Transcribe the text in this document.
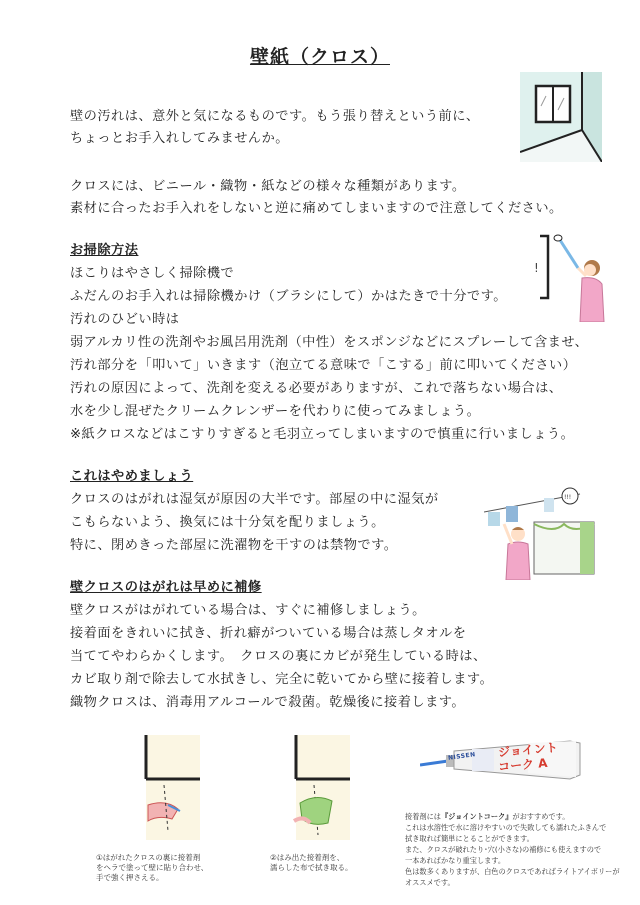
壁紙（クロス）
壁の汚れは、意外と気になるものです。もう張り替えという前に、
ちょっとお手入れしてみませんか。
クロスには、ビニール・織物・紙などの様々な種類があります。
素材に合ったお手入れをしないと逆に痛めてしまいますので注意してください。
お掃除方法
ほこりはやさしく掃除機で
ふだんのお手入れは掃除機かけ（ブラシにして）かはたきで十分です。
汚れのひどい時は
弱アルカリ性の洗剤やお風呂用洗剤（中性）をスポンジなどにスプレーして含ませ、
汚れ部分を「叩いて」いきます（泡立てる意味で「こする」前に叩いてください）
汚れの原因によって、洗剤を変える必要がありますが、これで落ちない場合は、
水を少し混ぜたクリームクレンザーを代わりに使ってみましょう。
※紙クロスなどはこすりすぎると毛羽立ってしまいますので慎重に行いましょう。
!
これはやめましょう
クロスのはがれは湿気が原因の大半です。部屋の中に湿気が
こもらないよう、換気には十分気を配りましょう。
特に、閉めきった部屋に洗濯物を干すのは禁物です。
!!!
壁クロスのはがれは早めに補修
壁クロスがはがれている場合は、すぐに補修しましょう。
接着面をきれいに拭き、折れ癖がついている場合は蒸しタオルを
当ててやわらかくします。　クロスの裏にカビが発生している時は、
カビ取り剤で除去して水拭きし、完全に乾いてから壁に接着します。
織物クロスは、消毒用アルコールで殺菌。乾燥後に接着します。
①はがれたクロスの裏に接着剤
をヘラで塗って壁に貼り合わせ、
手で強く押さえる。
②はみ出た接着剤を、
濡らした布で拭き取る。
NISSEN ジョイント
コーク A
接着剤には『ジョイントコーク』がおすすめです。
これは水溶性で水に溶けやすいので失敗しても濡れたふきんで
拭き取れば簡単にとることができます。
また、クロスが破れたり･穴(小さな)の補修にも使えますので
一本あればかなり重宝します。
色は数多くありますが、白色のクロスであればライトアイボリーが
オススメです。
